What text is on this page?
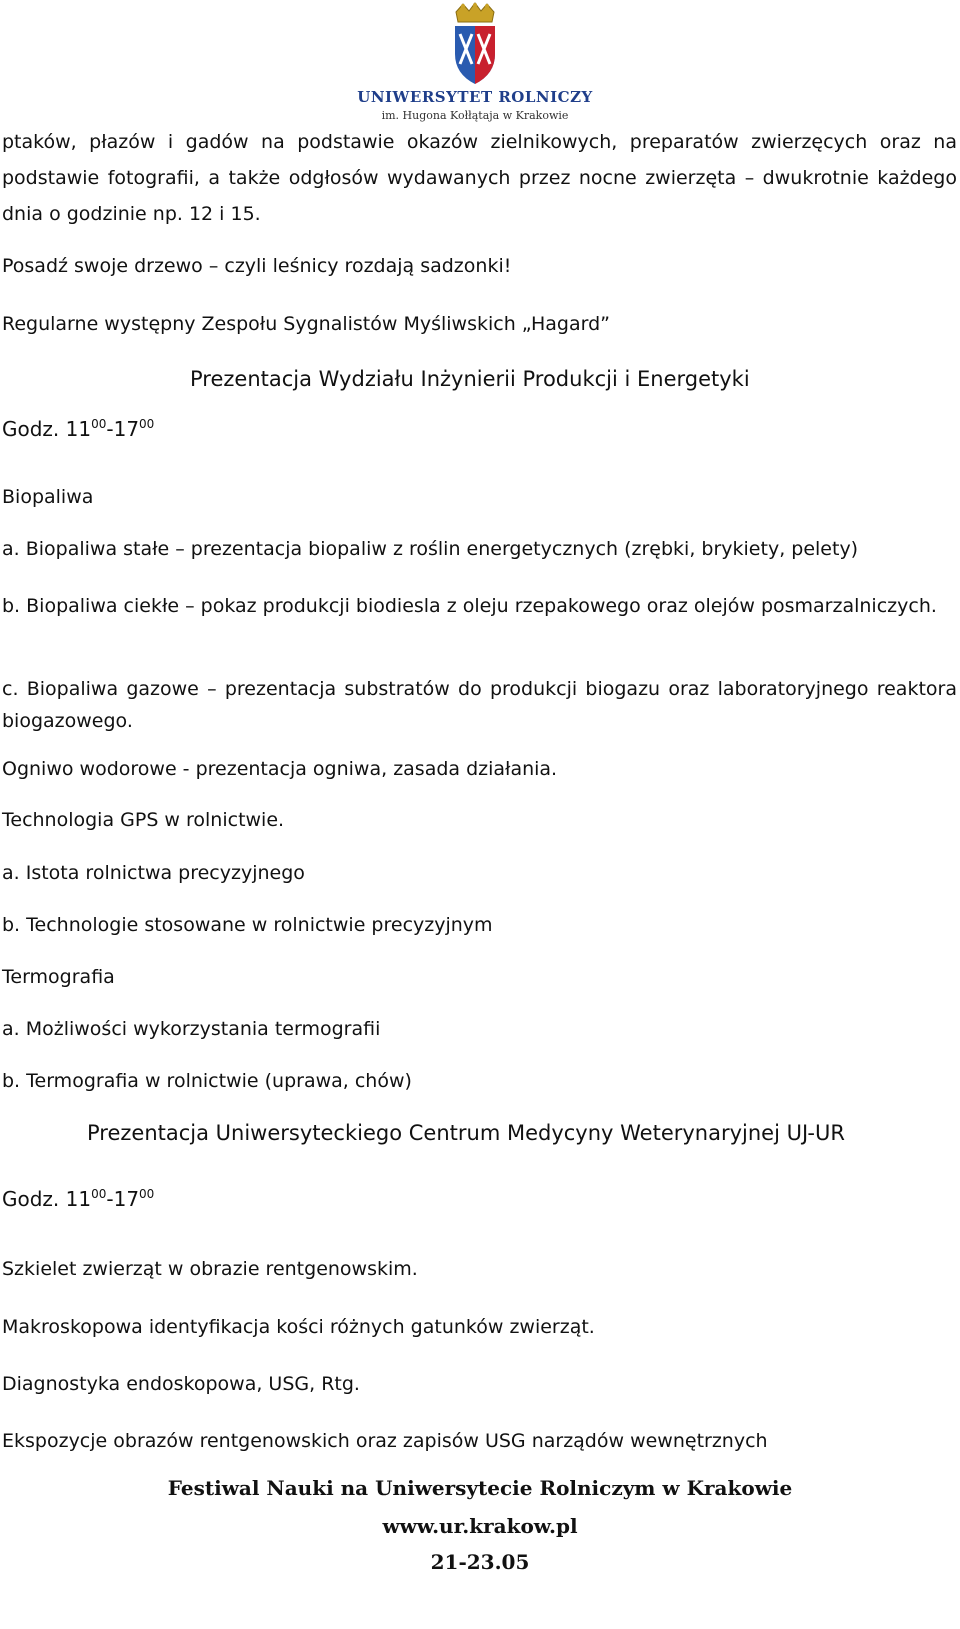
UNIWERSYTET ROLNICZY
im. Hugona Kołłątaja w Krakowie

ptaków, płazów i gadów na podstawie okazów zielnikowych, preparatów zwierzęcych oraz na podstawie fotografii, a także odgłosów wydawanych przez nocne zwierzęta – dwukrotnie każdego dnia o godzinie np. 12 i 15.

Posadź swoje drzewo – czyli leśnicy rozdają sadzonki!

Regularne występny Zespołu Sygnalistów Myśliwskich „Hagard”

Prezentacja Wydziału Inżynierii Produkcji i Energetyki

Godz. $11^{00}-17^{00}$

Biopaliwa

a. Biopaliwa stałe – prezentacja biopaliw z roślin energetycznych (zrębki, brykiety, pelety)

b. Biopaliwa ciekłe – pokaz produkcji biodiesla z oleju rzepakowego oraz olejów posmarzalniczych.

c. Biopaliwa gazowe – prezentacja substratów do produkcji biogazu oraz laboratoryjnego reaktora biogazowego.

Ogniwo wodorowe - prezentacja ogniwa, zasada działania.

Technologia GPS w rolnictwie.

a. Istota rolnictwa precyzyjnego

b. Technologie stosowane w rolnictwie precyzyjnym

Termografia

a. Możliwości wykorzystania termografii

b. Termografia w rolnictwie (uprawa, chów)

Prezentacja Uniwersyteckiego Centrum Medycyny Weterynaryjnej UJ-UR

Godz. $11^{00}-17^{00}$

Szkielet zwierząt w obrazie rentgenowskim.

Makroskopowa identyfikacja kości różnych gatunków zwierząt.

Diagnostyka endoskopowa, USG, Rtg.

Ekspozycje obrazów rentgenowskich oraz zapisów USG narządów wewnętrznych

Festiwal Nauki na Uniwersytecie Rolniczym w Krakowie
www.ur.krakow.pl
21-23.05
